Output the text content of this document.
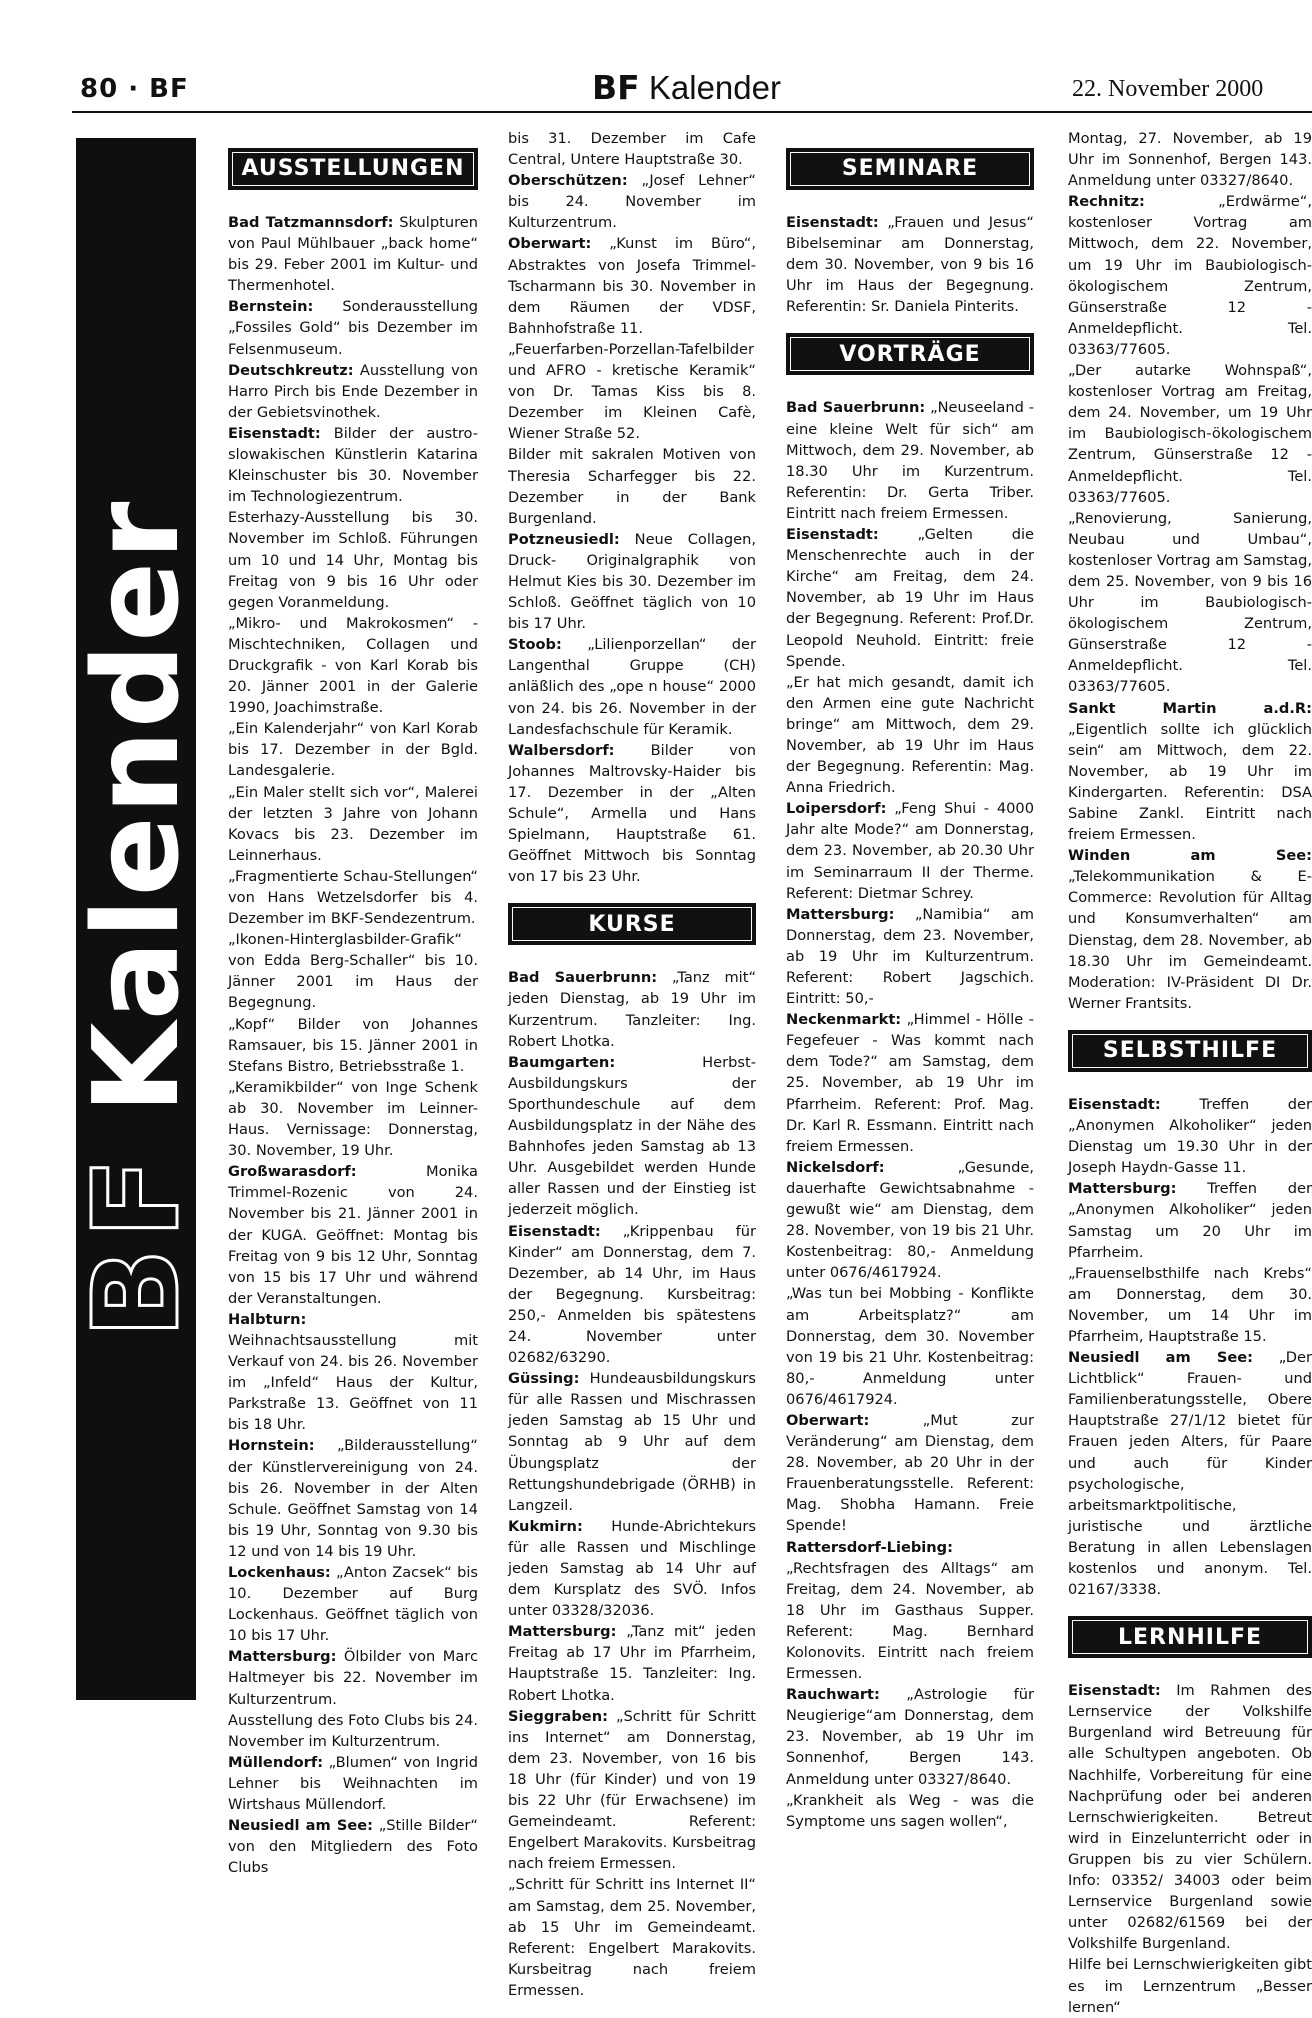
80 · BF	BF Kalender	22. November 2000
BFKalender
AUSSTELLUNGEN

Bad Tatzmannsdorf: Skulpturen von Paul Mühlbauer „back home“ bis 29. Feber 2001 im Kultur- und Thermenhotel.

Bernstein: Sonderausstellung „Fossiles Gold“ bis Dezember im Felsenmuseum.

Deutschkreutz: Ausstellung von Harro Pirch bis Ende Dezember in der Gebietsvinothek.

Eisenstadt: Bilder der austro-slowakischen Künstlerin Katarina Kleinschuster bis 30. November im Technologiezentrum.

Esterhazy-Ausstellung bis 30. November im Schloß. Führungen um 10 und 14 Uhr, Montag bis Freitag von 9 bis 16 Uhr oder gegen Voranmeldung.

„Mikro- und Makrokosmen“ - Mischtechniken, Collagen und Druckgrafik - von Karl Korab bis 20. Jänner 2001 in der Galerie 1990, Joachimstraße.

„Ein Kalenderjahr“ von Karl Korab bis 17. Dezember in der Bgld. Landesgalerie.

„Ein Maler stellt sich vor“, Malerei der letzten 3 Jahre von Johann Kovacs bis 23. Dezember im Leinnerhaus.

„Fragmentierte Schau-Stellungen“ von Hans Wetzelsdorfer bis 4. Dezember im BKF-Sendezentrum.

„Ikonen-Hinterglasbilder-Grafik“ von Edda Berg-Schaller“ bis 10. Jänner 2001 im Haus der Begegnung.

„Kopf“ Bilder von Johannes Ramsauer, bis 15. Jänner 2001 in Stefans Bistro, Betriebsstraße 1.

„Keramikbilder“ von Inge Schenk ab 30. November im Leinner-Haus. Vernissage: Donnerstag, 30. November, 19 Uhr.

Großwarasdorf: Monika Trimmel-Rozenic von 24. November bis 21. Jänner 2001 in der KUGA. Geöffnet: Montag bis Freitag von 9 bis 12 Uhr, Sonntag von 15 bis 17 Uhr und während der Veranstaltungen.

Halbturn: Weihnachtsausstellung mit Verkauf von 24. bis 26. November im „Infeld“ Haus der Kultur, Parkstraße 13. Geöffnet von 11 bis 18 Uhr.

Hornstein: „Bilderausstellung“ der Künstlervereinigung von 24. bis 26. November in der Alten Schule. Geöffnet Samstag von 14 bis 19 Uhr, Sonntag von 9.30 bis 12 und von 14 bis 19 Uhr.

Lockenhaus: „Anton Zacsek“ bis 10. Dezember auf Burg Lockenhaus. Geöffnet täglich von 10 bis 17 Uhr.

Mattersburg: Ölbilder von Marc Haltmeyer bis 22. November im Kulturzentrum.

Ausstellung des Foto Clubs bis 24. November im Kulturzentrum.

Müllendorf: „Blumen“ von Ingrid Lehner bis Weihnachten im Wirtshaus Müllendorf.

Neusiedl am See: „Stille Bilder“ von den Mitgliedern des Foto Clubs

bis 31. Dezember im Cafe Central, Untere Hauptstraße 30.

Oberschützen: „Josef Lehner“ bis 24. November im Kulturzentrum.

Oberwart: „Kunst im Büro“, Abstraktes von Josefa Trimmel-Tscharmann bis 30. November in dem Räumen der VDSF, Bahnhofstraße 11.

„Feuerfarben-Porzellan-Tafelbilder und AFRO - kretische Keramik“ von Dr. Tamas Kiss bis 8. Dezember im Kleinen Cafè, Wiener Straße 52.

Bilder mit sakralen Motiven von Theresia Scharfegger bis 22. Dezember in der Bank Burgenland.

Potzneusiedl: Neue Collagen, Druck- Originalgraphik von Helmut Kies bis 30. Dezember im Schloß. Geöffnet täglich von 10 bis 17 Uhr.

Stoob: „Lilienporzellan“ der Langenthal Gruppe (CH) anläßlich des „ope n house“ 2000 von 24. bis 26. November in der Landesfachschule für Keramik.

Walbersdorf: Bilder von Johannes Maltrovsky-Haider bis 17. Dezember in der „Alten Schule“, Armella und Hans Spielmann, Hauptstraße 61. Geöffnet Mittwoch bis Sonntag von 17 bis 23 Uhr.

KURSE

Bad Sauerbrunn: „Tanz mit“ jeden Dienstag, ab 19 Uhr im Kurzentrum. Tanzleiter: Ing. Robert Lhotka.

Baumgarten: Herbst-Ausbildungskurs der Sporthundeschule auf dem Ausbildungsplatz in der Nähe des Bahnhofes jeden Samstag ab 13 Uhr. Ausgebildet werden Hunde aller Rassen und der Einstieg ist jederzeit möglich.

Eisenstadt: „Krippenbau für Kinder“ am Donnerstag, dem 7. Dezember, ab 14 Uhr, im Haus der Begegnung. Kursbeitrag: 250,- Anmelden bis spätestens 24. November unter 02682/63290.

Güssing: Hundeausbildungskurs für alle Rassen und Mischrassen jeden Samstag ab 15 Uhr und Sonntag ab 9 Uhr auf dem Übungsplatz der Rettungshundebrigade (ÖRHB) in Langzeil.

Kukmirn: Hunde-Abrichtekurs für alle Rassen und Mischlinge jeden Samstag ab 14 Uhr auf dem Kursplatz des SVÖ. Infos unter 03328/32036.

Mattersburg: „Tanz mit“ jeden Freitag ab 17 Uhr im Pfarrheim, Hauptstraße 15. Tanzleiter: Ing. Robert Lhotka.

Sieggraben: „Schritt für Schritt ins Internet“ am Donnerstag, dem 23. November, von 16 bis 18 Uhr (für Kinder) und von 19 bis 22 Uhr (für Erwachsene) im Gemeindeamt. Referent: Engelbert Marakovits. Kursbeitrag nach freiem Ermessen.

„Schritt für Schritt ins Internet II“ am Samstag, dem 25. November, ab 15 Uhr im Gemeindeamt. Referent: Engelbert Marakovits. Kursbeitrag nach freiem Ermessen.

SEMINARE

Eisenstadt: „Frauen und Jesus“ Bibelseminar am Donnerstag, dem 30. November, von 9 bis 16 Uhr im Haus der Begegnung. Referentin: Sr. Daniela Pinterits.

VORTRÄGE

Bad Sauerbrunn: „Neuseeland - eine kleine Welt für sich“ am Mittwoch, dem 29. November, ab 18.30 Uhr im Kurzentrum. Referentin: Dr. Gerta Triber. Eintritt nach freiem Ermessen.

Eisenstadt: „Gelten die Menschenrechte auch in der Kirche“ am Freitag, dem 24. November, ab 19 Uhr im Haus der Begegnung. Referent: Prof.Dr. Leopold Neuhold. Eintritt: freie Spende.

„Er hat mich gesandt, damit ich den Armen eine gute Nachricht bringe“ am Mittwoch, dem 29. November, ab 19 Uhr im Haus der Begegnung. Referentin: Mag. Anna Friedrich.

Loipersdorf: „Feng Shui - 4000 Jahr alte Mode?“ am Donnerstag, dem 23. November, ab 20.30 Uhr im Seminarraum II der Therme. Referent: Dietmar Schrey.

Mattersburg: „Namibia“ am Donnerstag, dem 23. November, ab 19 Uhr im Kulturzentrum. Referent: Robert Jagschich. Eintritt: 50,-

Neckenmarkt: „Himmel - Hölle - Fegefeuer - Was kommt nach dem Tode?“ am Samstag, dem 25. November, ab 19 Uhr im Pfarrheim. Referent: Prof. Mag. Dr. Karl R. Essmann. Eintritt nach freiem Ermessen.

Nickelsdorf: „Gesunde, dauerhafte Gewichtsabnahme - gewußt wie“ am Dienstag, dem 28. November, von 19 bis 21 Uhr. Kostenbeitrag: 80,- Anmeldung unter 0676/4617924.

„Was tun bei Mobbing - Konflikte am Arbeitsplatz?“ am Donnerstag, dem 30. November von 19 bis 21 Uhr. Kostenbeitrag: 80,- Anmeldung unter 0676/4617924.

Oberwart: „Mut zur Veränderung“ am Dienstag, dem 28. November, ab 20 Uhr in der Frauenberatungsstelle. Referent: Mag. Shobha Hamann. Freie Spende!

Rattersdorf-Liebing: „Rechtsfragen des Alltags“ am Freitag, dem 24. November, ab 18 Uhr im Gasthaus Supper. Referent: Mag. Bernhard Kolonovits. Eintritt nach freiem Ermessen.

Rauchwart: „Astrologie für Neugierige“am Donnerstag, dem 23. November, ab 19 Uhr im Sonnenhof, Bergen 143. Anmeldung unter 03327/8640.

„Krankheit als Weg - was die Symptome uns sagen wollen“,

Montag, 27. November, ab 19 Uhr im Sonnenhof, Bergen 143. Anmeldung unter 03327/8640.

Rechnitz: „Erdwärme“, kostenloser Vortrag am Mittwoch, dem 22. November, um 19 Uhr im Baubiologisch-ökologischem Zentrum, Günserstraße 12 - Anmeldepflicht. Tel. 03363/77605.

„Der autarke Wohnspaß“, kostenloser Vortrag am Freitag, dem 24. November, um 19 Uhr im Baubiologisch-ökologischem Zentrum, Günserstraße 12 - Anmeldepflicht. Tel. 03363/77605.

„Renovierung, Sanierung, Neubau und Umbau“, kostenloser Vortrag am Samstag, dem 25. November, von 9 bis 16 Uhr im Baubiologisch-ökologischem Zentrum, Günserstraße 12 - Anmeldepflicht. Tel. 03363/77605.

Sankt Martin a.d.R: „Eigentlich sollte ich glücklich sein“ am Mittwoch, dem 22. November, ab 19 Uhr im Kindergarten. Referentin: DSA Sabine Zankl. Eintritt nach freiem Ermessen.

Winden am See: „Telekommunikation & E-Commerce: Revolution für Alltag und Konsumverhalten“ am Dienstag, dem 28. November, ab 18.30 Uhr im Gemeindeamt. Moderation: IV-Präsident DI Dr. Werner Frantsits.

SELBSTHILFE

Eisenstadt: Treffen der „Anonymen Alkoholiker“ jeden Dienstag um 19.30 Uhr in der Joseph Haydn-Gasse 11.

Mattersburg: Treffen der „Anonymen Alkoholiker“ jeden Samstag um 20 Uhr im Pfarrheim.

„Frauenselbsthilfe nach Krebs“ am Donnerstag, dem 30. November, um 14 Uhr im Pfarrheim, Hauptstraße 15.

Neusiedl am See: „Der Lichtblick“ Frauen- und Familienberatungsstelle, Obere Hauptstraße 27/1/12 bietet für Frauen jeden Alters, für Paare und auch für Kinder psychologische, arbeitsmarktpolitische, juristische und ärztliche Beratung in allen Lebenslagen kostenlos und anonym. Tel. 02167/3338.

LERNHILFE

Eisenstadt: Im Rahmen des Lernservice der Volkshilfe Burgenland wird Betreuung für alle Schultypen angeboten. Ob Nachhilfe, Vorbereitung für eine Nachprüfung oder bei anderen Lernschwierigkeiten. Betreut wird in Einzelunterricht oder in Gruppen bis zu vier Schülern. Info: 03352/ 34003 oder beim Lernservice Burgenland sowie unter 02682/61569 bei der Volkshilfe Burgenland.

Hilfe bei Lernschwierigkeiten gibt es im Lernzentrum „Besser lernen“
